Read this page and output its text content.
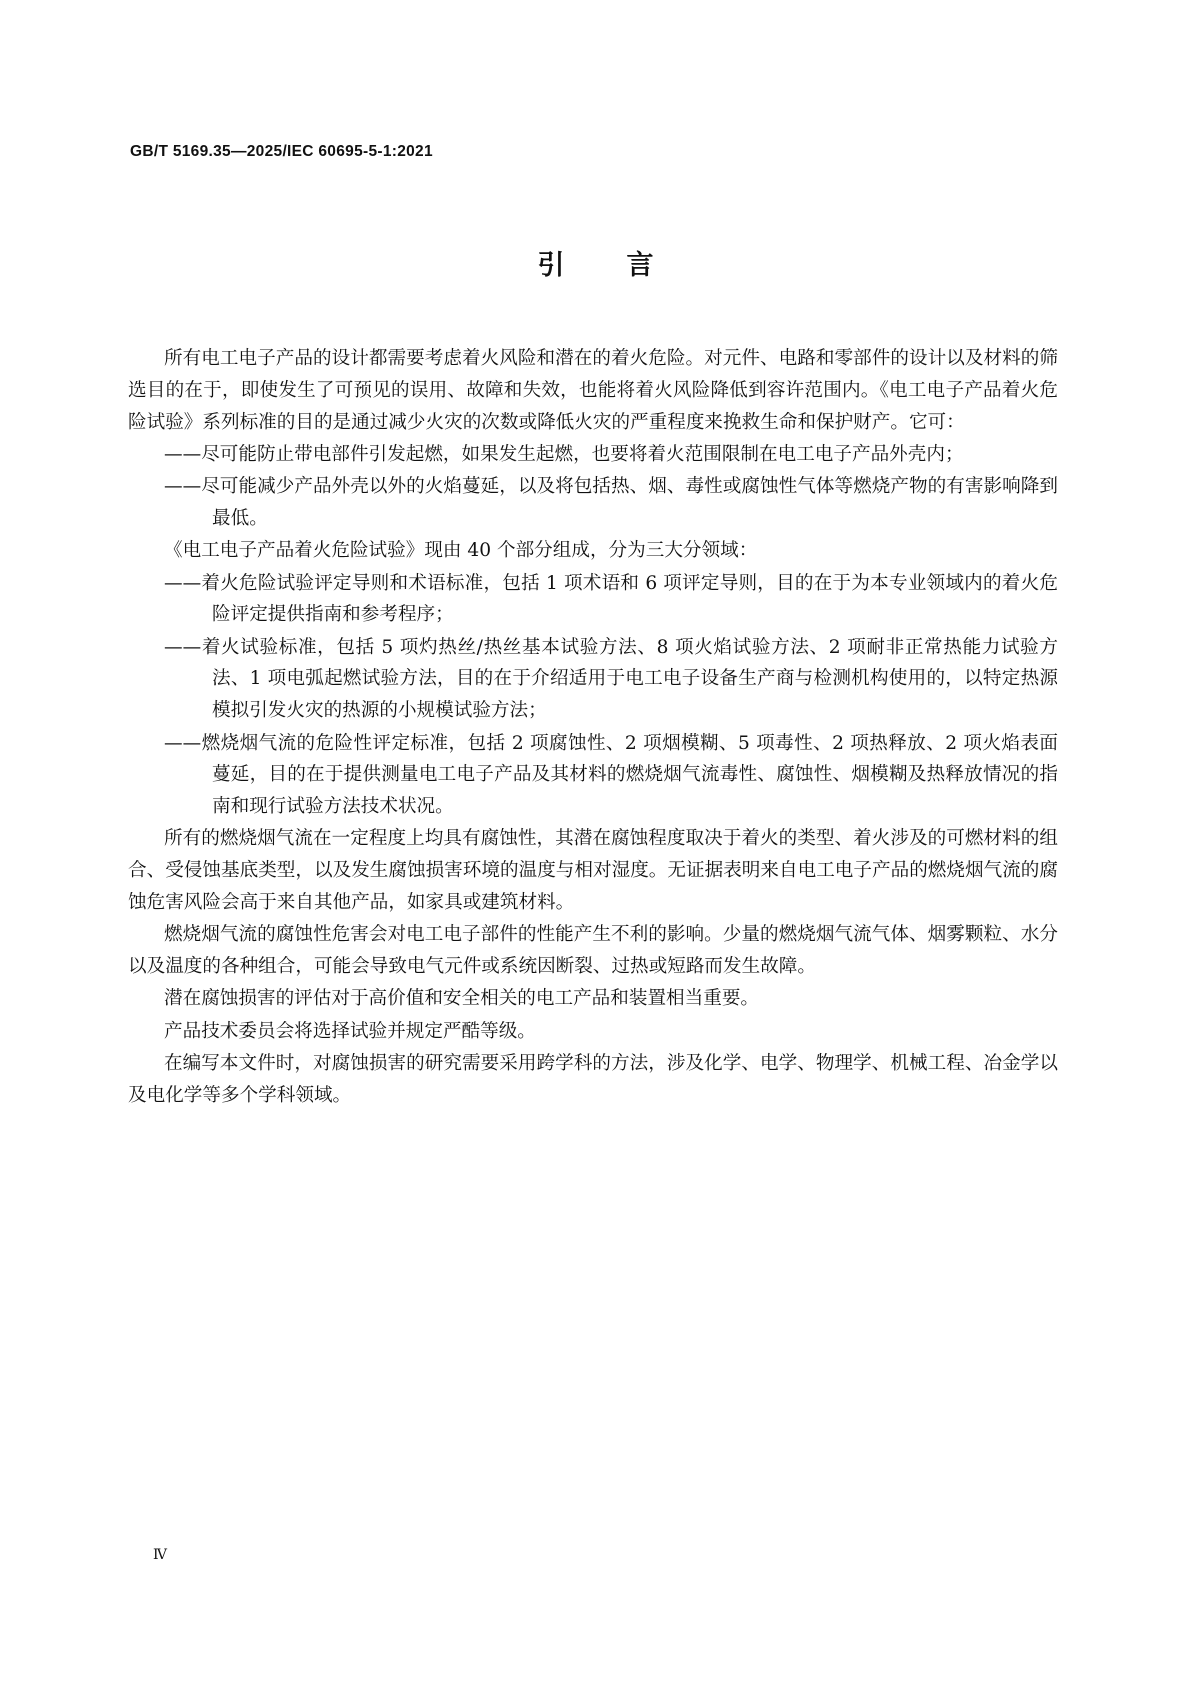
GB/T 5169.35—2025/IEC 60695-5-1:2021
引言
所有电工电子产品的设计都需要考虑着火风险和潜在的着火危险。对元件、电路和零部件的设计以及材料的筛选目的在于，即使发生了可预见的误用、故障和失效，也能将着火风险降低到容许范围内。《电工电子产品着火危险试验》系列标准的目的是通过减少火灾的次数或降低火灾的严重程度来挽救生命和保护财产。它可：
——尽可能防止带电部件引发起燃，如果发生起燃，也要将着火范围限制在电工电子产品外壳内；
——尽可能减少产品外壳以外的火焰蔓延，以及将包括热、烟、毒性或腐蚀性气体等燃烧产物的有害影响降到最低。
《电工电子产品着火危险试验》现由 40 个部分组成，分为三大分领域：
——着火危险试验评定导则和术语标准，包括 1 项术语和 6 项评定导则，目的在于为本专业领域内的着火危险评定提供指南和参考程序；
——着火试验标准，包括 5 项灼热丝/热丝基本试验方法、8 项火焰试验方法、2 项耐非正常热能力试验方法、1 项电弧起燃试验方法，目的在于介绍适用于电工电子设备生产商与检测机构使用的，以特定热源模拟引发火灾的热源的小规模试验方法；
——燃烧烟气流的危险性评定标准，包括 2 项腐蚀性、2 项烟模糊、5 项毒性、2 项热释放、2 项火焰表面蔓延，目的在于提供测量电工电子产品及其材料的燃烧烟气流毒性、腐蚀性、烟模糊及热释放情况的指南和现行试验方法技术状况。
所有的燃烧烟气流在一定程度上均具有腐蚀性，其潜在腐蚀程度取决于着火的类型、着火涉及的可燃材料的组合、受侵蚀基底类型，以及发生腐蚀损害环境的温度与相对湿度。无证据表明来自电工电子产品的燃烧烟气流的腐蚀危害风险会高于来自其他产品，如家具或建筑材料。
燃烧烟气流的腐蚀性危害会对电工电子部件的性能产生不利的影响。少量的燃烧烟气流气体、烟雾颗粒、水分以及温度的各种组合，可能会导致电气元件或系统因断裂、过热或短路而发生故障。
潜在腐蚀损害的评估对于高价值和安全相关的电工产品和装置相当重要。
产品技术委员会将选择试验并规定严酷等级。
在编写本文件时，对腐蚀损害的研究需要采用跨学科的方法，涉及化学、电学、物理学、机械工程、冶金学以及电化学等多个学科领域。
Ⅳ
